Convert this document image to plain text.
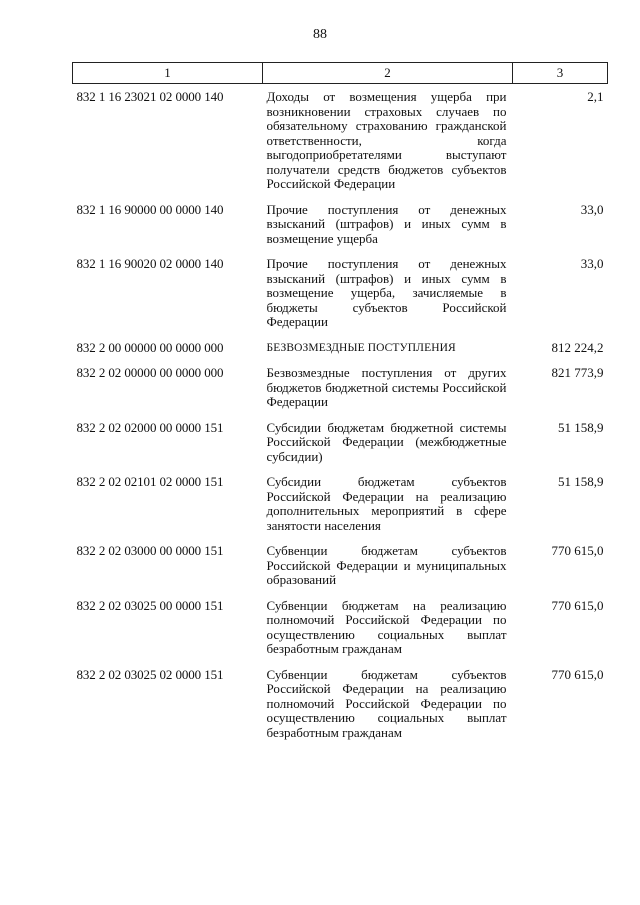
88
1	2	3
832 1 16 23021 02 0000 140	Доходы от возмещения ущерба при возникновении страховых случаев по обязательному страхованию гражданской ответственности, когда выгодоприобретателями выступают получатели средств бюджетов субъектов Российской Федерации	2,1
832 1 16 90000 00 0000 140	Прочие поступления от денежных взысканий (штрафов) и иных сумм в возмещение ущерба	33,0
832 1 16 90020 02 0000 140	Прочие поступления от денежных взысканий (штрафов) и иных сумм в возмещение ущерба, зачисляемые в бюджеты субъектов Российской Федерации	33,0
832 2 00 00000 00 0000 000	БЕЗВОЗМЕЗДНЫЕ ПОСТУПЛЕНИЯ	812 224,2
832 2 02 00000 00 0000 000	Безвозмездные поступления от других бюджетов бюджетной системы Российской Федерации	821 773,9
832 2 02 02000 00 0000 151	Субсидии бюджетам бюджетной системы Российской Федерации (межбюджетные субсидии)	51 158,9
832 2 02 02101 02 0000 151	Субсидии бюджетам субъектов Российской Федерации на реализацию дополнительных мероприятий в сфере занятости населения	51 158,9
832 2 02 03000 00 0000 151	Субвенции бюджетам субъектов Российской Федерации и муниципальных образований	770 615,0
832 2 02 03025 00 0000 151	Субвенции бюджетам на реализацию полномочий Российской Федерации по осуществлению социальных выплат безработным гражданам	770 615,0
832 2 02 03025 02 0000 151	Субвенции бюджетам субъектов Российской Федерации на реализацию полномочий Российской Федерации по осуществлению социальных выплат безработным гражданам	770 615,0
